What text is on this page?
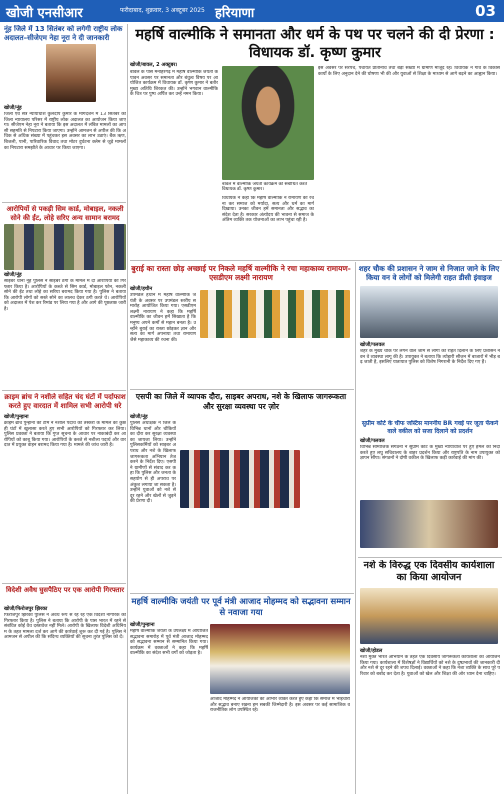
खोजी एनसीआर	फरीदाबाद, शुक्रवार, 3 अक्टूबर 2025 हरियाणा	03
नूंह जिले में 13 सितंबर को लगेगी राष्ट्रीय लोक अदालत–सीजेएम नेहा नूरा ने दी जानकारी
खोजी/नूंह
जिला एवं सत्र न्यायाधीश कुलदीप कुमार के मार्गदर्शन में 13 सितंबर को जिला न्यायालय परिसर में राष्ट्रीय लोक अदालत का आयोजन किया जाएगा। सीजेएम नेहा नूरा ने बताया कि इस अदालत में लंबित मामलों का आपसी सहमति से निपटारा किया जाएगा। उन्होंने आमजन से अपील की कि अधिक से अधिक संख्या में पहुंचकर इस अवसर का लाभ उठाएं। बैंक ऋण, बिजली, पानी, पारिवारिक विवाद तथा मोटर दुर्घटना क्लेम से जुड़े मामलों का निपटारा समझौते के आधार पर किया जाएगा।
आरोपियों से पकड़ी सिम कार्ड, मोबाइल, नकली सोने की ईंट, लोहे सरिए अन्य सामान बरामद
खोजी/नूंह
साइबर थाना नूंह पुलिस ने साइबर ठगी के मामले में दो आरोपियों को गिरफ्तार किया है। आरोपियों के कब्जे से सिम कार्ड, मोबाइल फोन, नकली सोने की ईंट तथा लोहे का सरिया बरामद किया गया है। पुलिस ने बताया कि आरोपी लोगों को सस्ते सोने का लालच देकर ठगी करते थे। आरोपियों को अदालत में पेश कर रिमांड पर लिया गया है और आगे की पूछताछ जारी है।
महर्षि वाल्मीकि ने समानता और धर्म के पथ पर चलने की दी प्रेरणा : विधायक डॉ. कृष्ण कुमार
खोजी/बावल, 2 अक्टूबर।
बावल के पास मनोहरगढ़ में महर्षि वाल्मीकि जयंती के पावन अवसर पर समानता और बंधुत्व विषय पर आयोजित कार्यक्रम में विधायक डॉ. कृष्ण कुमार ने बतौर मुख्य अतिथि शिरकत की। उन्होंने भगवान वाल्मीकि के चित्र पर पुष्प अर्पित कर उन्हें नमन किया।
विधायक ने कहा कि महर्षि वाल्मीकि ने रामायण की रचना कर समाज को मर्यादा, सत्य और धर्म का मार्ग दिखाया। उनका जीवन हमें समानता और सद्भाव का संदेश देता है। सरकार अंत्योदय की भावना से समाज के अंतिम व्यक्ति तक योजनाओं का लाभ पहुंचा रही है।
बावल में वाल्मीकि जयंती कार्यक्रम को संबोधित करते विधायक डॉ. कृष्ण कुमार।
इस अवसर पर सरपंच, पंचायत प्रतिनिधि तथा बड़ी संख्या में ग्रामीण मौजूद रहे। विधायक ने गांव के विकास कार्यों के लिए अनुदान देने की घोषणा भी की और युवाओं से शिक्षा के माध्यम से आगे बढ़ने का आह्वान किया।
बुराई का रास्ता छोड़ अच्छाई पर निकले महर्षि वाल्मीकि ने रचा महाकाव्य रामायण-एसडीएम लक्ष्मी नारायण
खोजी/हथीन
उपमंडल हथीन में महर्षि वाल्मीकि जयंती के अवसर पर उपमंडल स्तरीय समारोह आयोजित किया गया। एसडीएम लक्ष्मी नारायण ने कहा कि महर्षि वाल्मीकि का जीवन हमें सिखाता है कि मनुष्य अपने कर्मों से महान बनता है। उन्होंने बुराई का रास्ता छोड़कर ज्ञान और सत्य का मार्ग अपनाया तथा रामायण जैसे महाकाव्य की रचना की।
शहर चौक की प्रशासन ने जाम से निजात जाने के लिए किया वन वे लोगों को मिलेगी राहत डीसी इंवाइज
खोजी/पलवल
शहर के मुख्य चौक पर लगने वाले जाम से लोगों को राहत दिलाने के लिए प्रशासन ने वन वे व्यवस्था लागू की है। उपायुक्त ने बताया कि त्योहारी सीजन में बाजारों में भीड़ बढ़ जाती है, इसलिए यातायात पुलिस को विशेष निगरानी के निर्देश दिए गए हैं।
सुप्रीम कोर्ट के चीफ जस्टिस माननीय BR गवई पर जूता फेंकने वाले वकील को सजा दिलाने को प्रदर्शन
खोजी/पलवल
विभिन्न सामाजिक संगठनों ने सुप्रीम कोर्ट के मुख्य न्यायाधीश पर हुए हमले की निंदा करते हुए लघु सचिवालय के बाहर प्रदर्शन किया और राष्ट्रपति के नाम उपायुक्त को ज्ञापन सौंपा। संगठनों ने दोषी वकील के खिलाफ कड़ी कार्रवाई की मांग की।
क्राइम ब्रांच ने नशीले सहित चंद घंटों में पर्दाफाश करते हुए वारदात में शामिल सभी आरोपी धरे
खोजी/पुन्हाना
क्राइम ब्रांच पुन्हाना की टीम ने नशीले पदार्थ की तस्करी के मामले का कुछ ही घंटों में खुलासा करते हुए सभी आरोपियों को गिरफ्तार कर लिया। पुलिस प्रवक्ता ने बताया कि गुप्त सूचना के आधार पर नाकाबंदी कर आरोपियों को काबू किया गया। आरोपियों के कब्जे से नशीला पदार्थ और वारदात में प्रयुक्त वाहन बरामद किया गया है। मामले की जांच जारी है।
एसपी का जिले में व्यापक दौरा, साइबर अपराध, नशे के खिलाफ जागरूकता और सुरक्षा व्यवस्था पर ज़ोर
खोजी/नूंह
पुलिस अधीक्षक ने जिले के विभिन्न थानों और चौकियों का दौरा कर सुरक्षा व्यवस्था का जायजा लिया। उन्होंने पुलिसकर्मियों को साइबर अपराध और नशे के खिलाफ जागरूकता अभियान तेज करने के निर्देश दिए। एसपी ने ग्रामीणों से संवाद कर कहा कि पुलिस और जनता के सहयोग से ही अपराध पर अंकुश लगाया जा सकता है। उन्होंने युवाओं को नशे से दूर रहने और खेलों से जुड़ने की प्रेरणा दी।
विदेशी अवैध घुसपैठिए पर एक आरोपी गिरफ्तार
खोजी/फिरोजपुर झिरका
फिरोजपुर झिरका पुलिस ने अवैध रूप से रह रहे एक विदेशी नागरिक को गिरफ्तार किया है। पुलिस ने बताया कि आरोपी के पास भारत में रहने से संबंधित कोई वैध दस्तावेज नहीं मिले। आरोपी के खिलाफ विदेशी अधिनियम के तहत मामला दर्ज कर आगे की कार्रवाई शुरू कर दी गई है। पुलिस ने आमजन से अपील की कि संदिग्ध व्यक्तियों की सूचना तुरंत पुलिस को दें।
महर्षि वाल्मीकि जयंती पर पूर्व मंत्री आजाद मोहम्मद को सद्भावना सम्मान से नवाजा गया
खोजी/पुन्हाना
महर्षि वाल्मीकि जयंती के उपलक्ष्य में आयोजित सद्भावना समारोह में पूर्व मंत्री आजाद मोहम्मद को सद्भावना सम्मान से सम्मानित किया गया। कार्यक्रम में वक्ताओं ने कहा कि महर्षि वाल्मीकि का संदेश सभी वर्गों को जोड़ता है।
आजाद मोहम्मद ने आयोजकों का आभार व्यक्त करते हुए कहा कि समाज में भाईचारा और सद्भाव बनाए रखना हम सबकी जिम्मेदारी है। इस अवसर पर कई सामाजिक व राजनीतिक लोग उपस्थित रहे।
नशे के विरुद्ध एक दिवसीय कार्यशाला का किया आयोजन
खोजी/होडल
नशा मुक्त भारत अभियान के तहत एक दिवसीय जागरूकता कार्यशाला का आयोजन किया गया। कार्यशाला में विशेषज्ञों ने विद्यार्थियों को नशे के दुष्प्रभावों की जानकारी दी और नशे से दूर रहने की शपथ दिलाई। वक्ताओं ने कहा कि नशा व्यक्ति के साथ पूरे परिवार को बर्बाद कर देता है। युवाओं को खेल और शिक्षा की ओर ध्यान देना चाहिए।
